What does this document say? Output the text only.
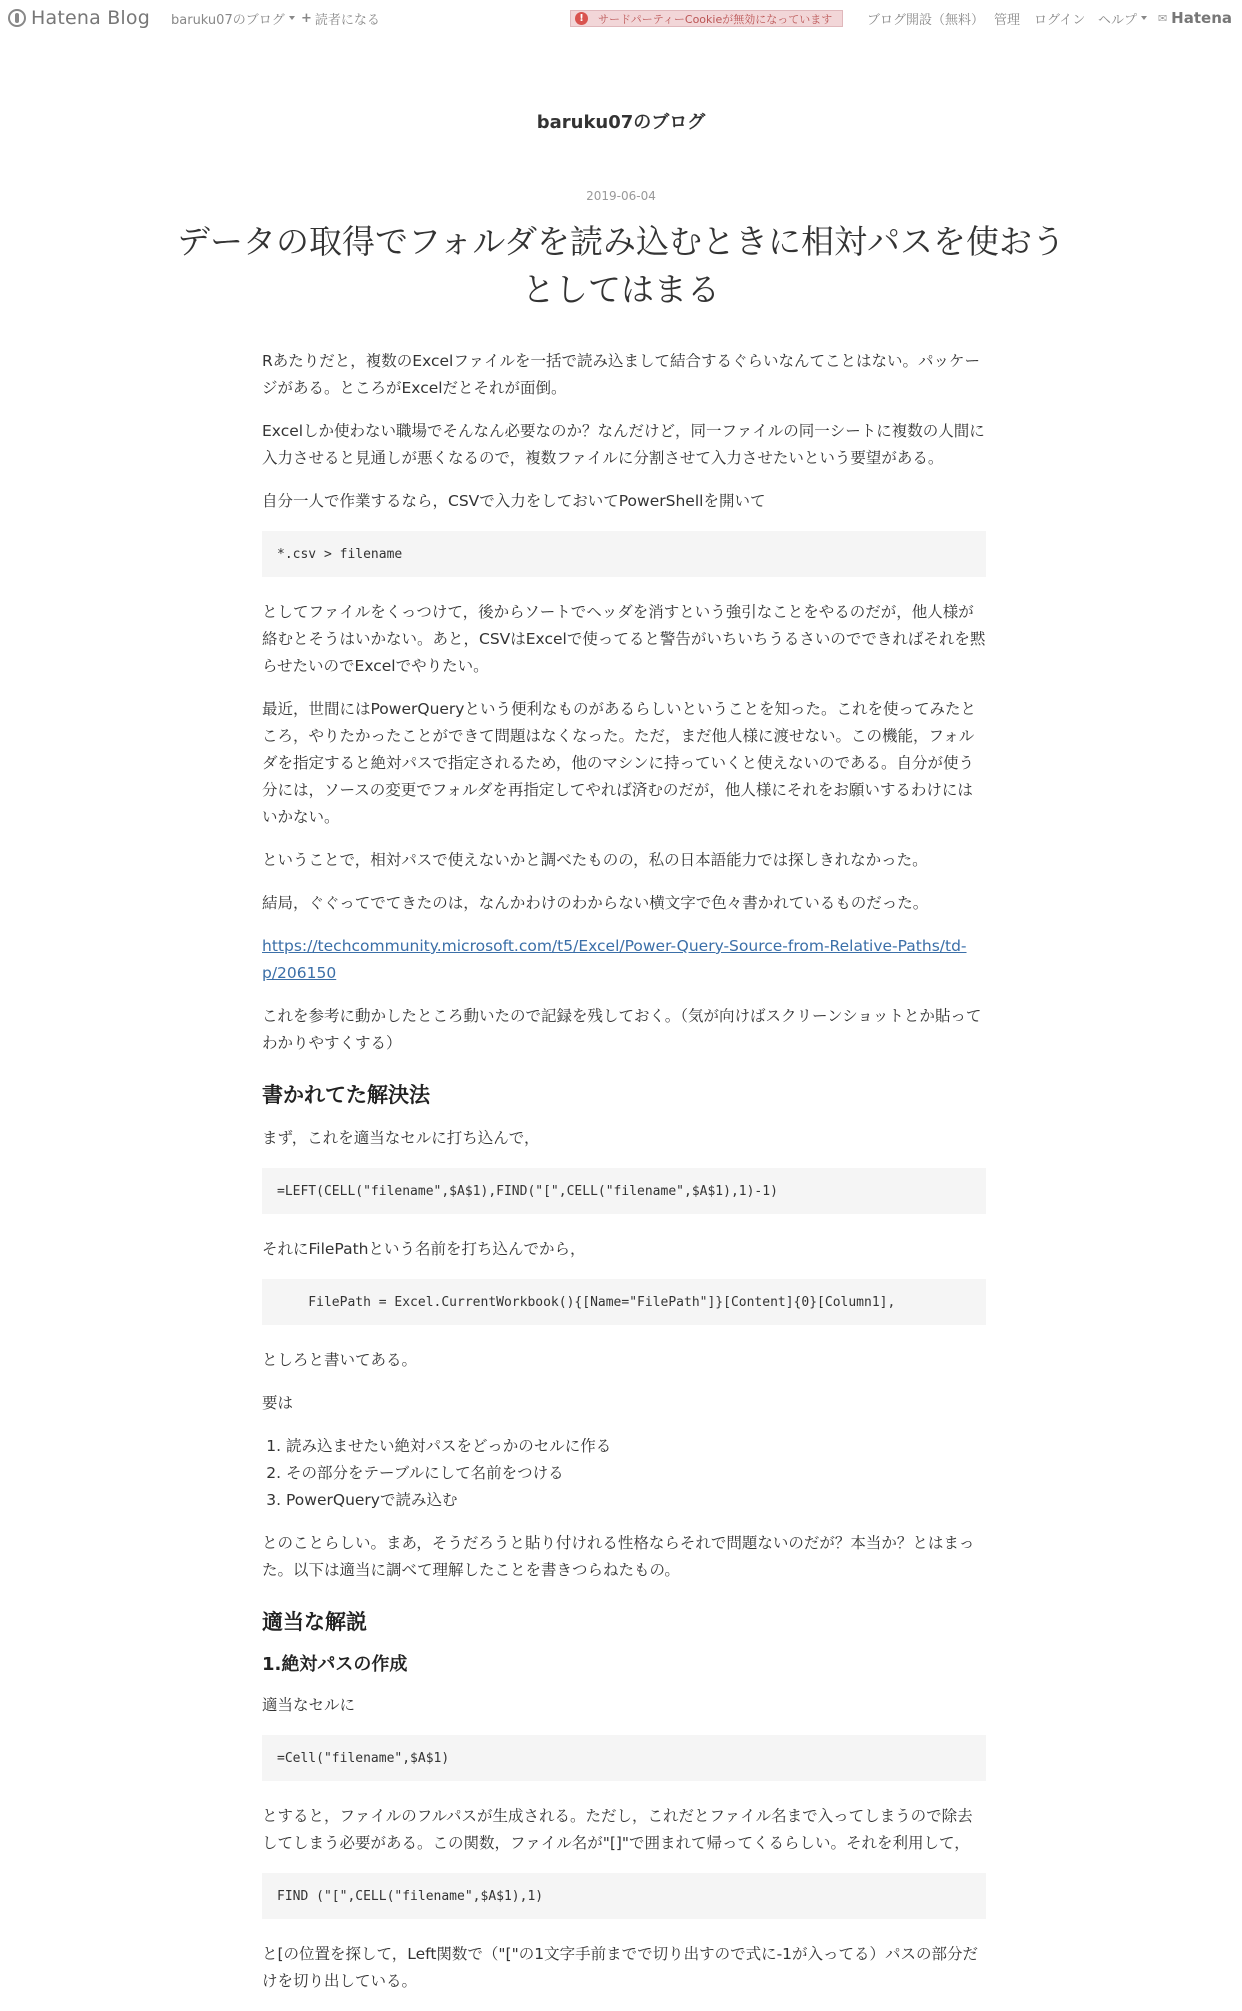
Hatena Blog baruku07のブログ + 読者になる	!	サードパーティーCookieが無効になっています	ブログ開設（無料） 管理 ログイン ヘルプ ✉ Hatena
baruku07のブログ
2019-06-04
データの取得でフォルダを読み込むときに相対パスを使おうとしてはまる

Rあたりだと，複数のExcelファイルを一括で読み込まして結合するぐらいなんてことはない。パッケージがある。ところがExcelだとそれが面倒。

Excelしか使わない職場でそんなん必要なのか？なんだけど，同一ファイルの同一シートに複数の人間に入力させると見通しが悪くなるので，複数ファイルに分割させて入力させたいという要望がある。

自分一人で作業するなら，CSVで入力をしておいてPowerShellを開いて

*.csv > filename

としてファイルをくっつけて，後からソートでヘッダを消すという強引なことをやるのだが，他人様が絡むとそうはいかない。あと，CSVはExcelで使ってると警告がいちいちうるさいのでできればそれを黙らせたいのでExcelでやりたい。

最近，世間にはPowerQueryという便利なものがあるらしいということを知った。これを使ってみたところ，やりたかったことができて問題はなくなった。ただ，まだ他人様に渡せない。この機能，フォルダを指定すると絶対パスで指定されるため，他のマシンに持っていくと使えないのである。自分が使う分には，ソースの変更でフォルダを再指定してやれば済むのだが，他人様にそれをお願いするわけにはいかない。

ということで，相対パスで使えないかと調べたものの，私の日本語能力では探しきれなかった。

結局，ぐぐってでてきたのは，なんかわけのわからない横文字で色々書かれているものだった。

https://techcommunity.microsoft.com/t5/Excel/Power-Query-Source-from-Relative-Paths/td-p/206150

これを参考に動かしたところ動いたので記録を残しておく。（気が向けばスクリーンショットとか貼ってわかりやすくする）

書かれてた解決法

まず，これを適当なセルに打ち込んで，

=LEFT(CELL("filename",$A$1),FIND("[",CELL("filename",$A$1),1)-1)

それにFilePathという名前を打ち込んでから，

FilePath = Excel.CurrentWorkbook(){[Name="FilePath"]}[Content]{0}[Column1],

としろと書いてある。

要は

1. 読み込ませたい絶対パスをどっかのセルに作る
2. その部分をテーブルにして名前をつける
3. PowerQueryで読み込む

とのことらしい。まあ，そうだろうと貼り付けれる性格ならそれで問題ないのだが？本当か？とはまった。以下は適当に調べて理解したことを書きつらねたもの。

適当な解説
1.絶対パスの作成

適当なセルに

=Cell("filename",$A$1)

とすると，ファイルのフルパスが生成される。ただし，これだとファイル名まで入ってしまうので除去してしまう必要がある。この関数，ファイル名が"[]"で囲まれて帰ってくるらしい。それを利用して，

FIND ("[",CELL("filename",$A$1),1)

と[の位置を探して，Left関数で（"["の1文字手前までで切り出すので式に-1が入ってる）パスの部分だけを切り出している。
